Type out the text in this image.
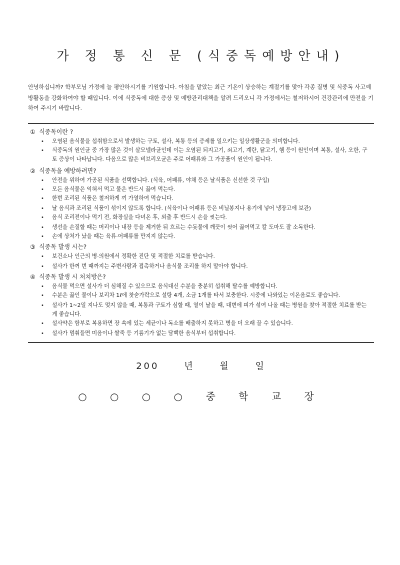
가 정 통 신 문 (식중독예방안내)

안녕하십니까? 학부모님 가정에 늘 평안하시기를 기원합니다. 아침을 맡았는 최근 기온이 상승하는 계절기를 맞아 각종 질병 및 식중독 사고예방활동을 강화하여야 할 때입니다. 이에 식중독에 대한 증상 및 예방관리대책을 알려 드리오니 각 가정에서는 철저하시어 건강관리에 만전을 기하여 주시기 바랍니다.

① 식중독이란 ?

• 오염된 음식물을 섭취함으로서 발생하는 구토, 설사, 복통 등의 증세를 일으키는 일상생활군을 의미합니다.
• 식중독의 원인균 중 가장 많은 것이 살모넬라균인데 이는 오염된 되지고기, 쇠고기, 계란, 닭고기, 햄 등이 원인이며 복통, 설사, 오한, 구토 증상이 나타납니다. 다음으로 많은 비브리오균은 주로 어패류와 그 가공품이 원인이 됩니다.

② 식중독을 예방하려면?

• 안전을 위하여 가공된 식품을 선택합니다. (식육, 어패류, 야채 등은 날식품은 신선한 것 구입)
• 모든 음식물은 익혀서 먹고 물은 반드시 끓여 먹는다.
• 한번 조리된 식품은 철저하게 끼 가열하여 먹습니다.
• 날 음식과 조리된 식품이 섞이지 않도록 합니다. (식육이나 어패류 등은 비닐봉지나 용기에 넣어 냉장고에 보관)
• 음식 조리전이나 먹기 전, 화장실을 다녀온 후, 외출 후 반드시 손을 씻는다.
• 생선을 손질할 때는 머리이나 내장 등을 제거한 뒤 흐르는 수돗물에 깨끗이 씻어 끓여먹고 칼 도마도 잘 소독한다.
• 손에 상처가 났을 때는 육류·어패류를 만지지 않는다.

③ 식중독 발생 시는?

• 보건소나 인근의 병·의원에서 정확한 진단 및 적절한 치료를 받습니다.
• 설사가 한꺼 번 때까지는 주변사람과 접촉하거나 음식물 조리를 하지 말아야 합니다.

④ 식중독 발생 시 처치방은?

• 음식물 먹으면 설사가 더 심해질 수 있으므로 음식대신 수분을 충분히 섭취해 탈수를 예방합니다.
• 수분은 끓인 물이나 보리차 1ℓ에 찻숟가락으로 설탕 4개, 소금 1개를 타서 보충한다. 시중에 나와있는 이온음료도 좋습니다.
• 설사가 1~2일 지나도 멎지 않을 때, 복통과 구토가 심할 때, 열이 날을 때, 대변에 피가 섞여 나올 때는 병원을 찾아 적절한 치료를 받는 게 좋습니다.
• 설사약은 함부로 복용하면 장 속에 있는 세균이나 독소를 배출하지 못하고 병을 더 오래 끌 수 있습니다.
• 설사가 멈춰들면 미음이나 쌀죽 등 기름기가 없는 담백한 음식부터 섭취합니다.
200 년 월 일
○ ○ ○ ○ 중 학 교 장
